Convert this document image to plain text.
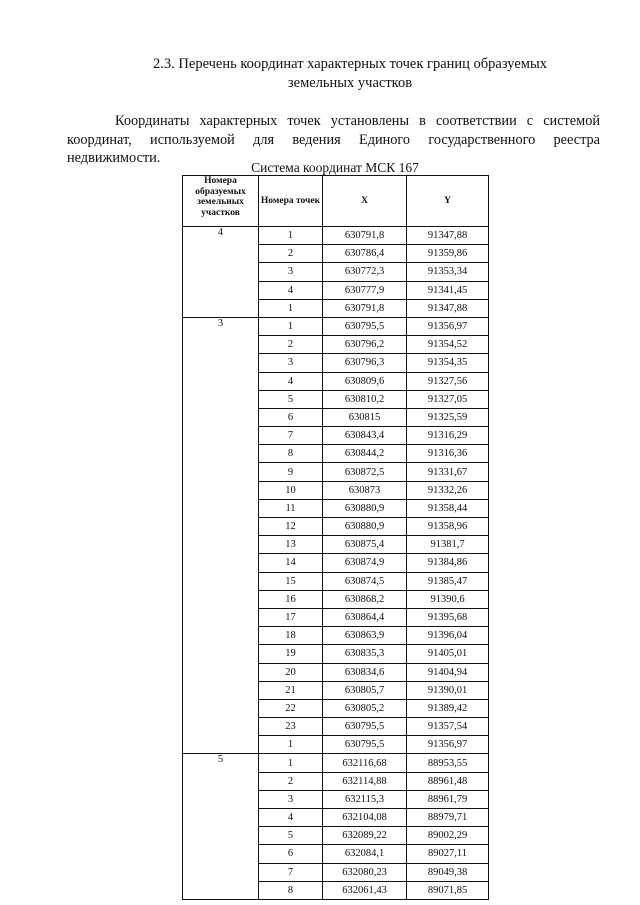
2.3. Перечень координат характерных точек границ образуемых
земельных участков
Координаты характерных точек установлены в соответствии с системой координат, используемой для ведения Единого государственного реестра недвижимости.
Система координат МСК 167
Номера образуемых земельных участков	Номера точек	X	Y
4	1	630791,8	91347,88
	2	630786,4	91359,86
	3	630772,3	91353,34
	4	630777,9	91341,45
	1	630791,8	91347,88
3	1	630795,5	91356,97
	2	630796,2	91354,52
	3	630796,3	91354,35
	4	630809,6	91327,56
	5	630810,2	91327,05
	6	630815	91325,59
	7	630843,4	91316,29
	8	630844,2	91316,36
	9	630872,5	91331,67
	10	630873	91332,26
	11	630880,9	91358,44
	12	630880,9	91358,96
	13	630875,4	91381,7
	14	630874,9	91384,86
	15	630874,5	91385,47
	16	630868,2	91390,6
	17	630864,4	91395,68
	18	630863,9	91396,04
	19	630835,3	91405,01
	20	630834,6	91404,94
	21	630805,7	91390,01
	22	630805,2	91389,42
	23	630795,5	91357,54
	1	630795,5	91356,97
5	1	632116,68	88953,55
	2	632114,88	88961,48
	3	632115,3	88961,79
	4	632104,08	88979,71
	5	632089,22	89002,29
	6	632084,1	89027,11
	7	632080,23	89049,38
	8	632061,43	89071,85
